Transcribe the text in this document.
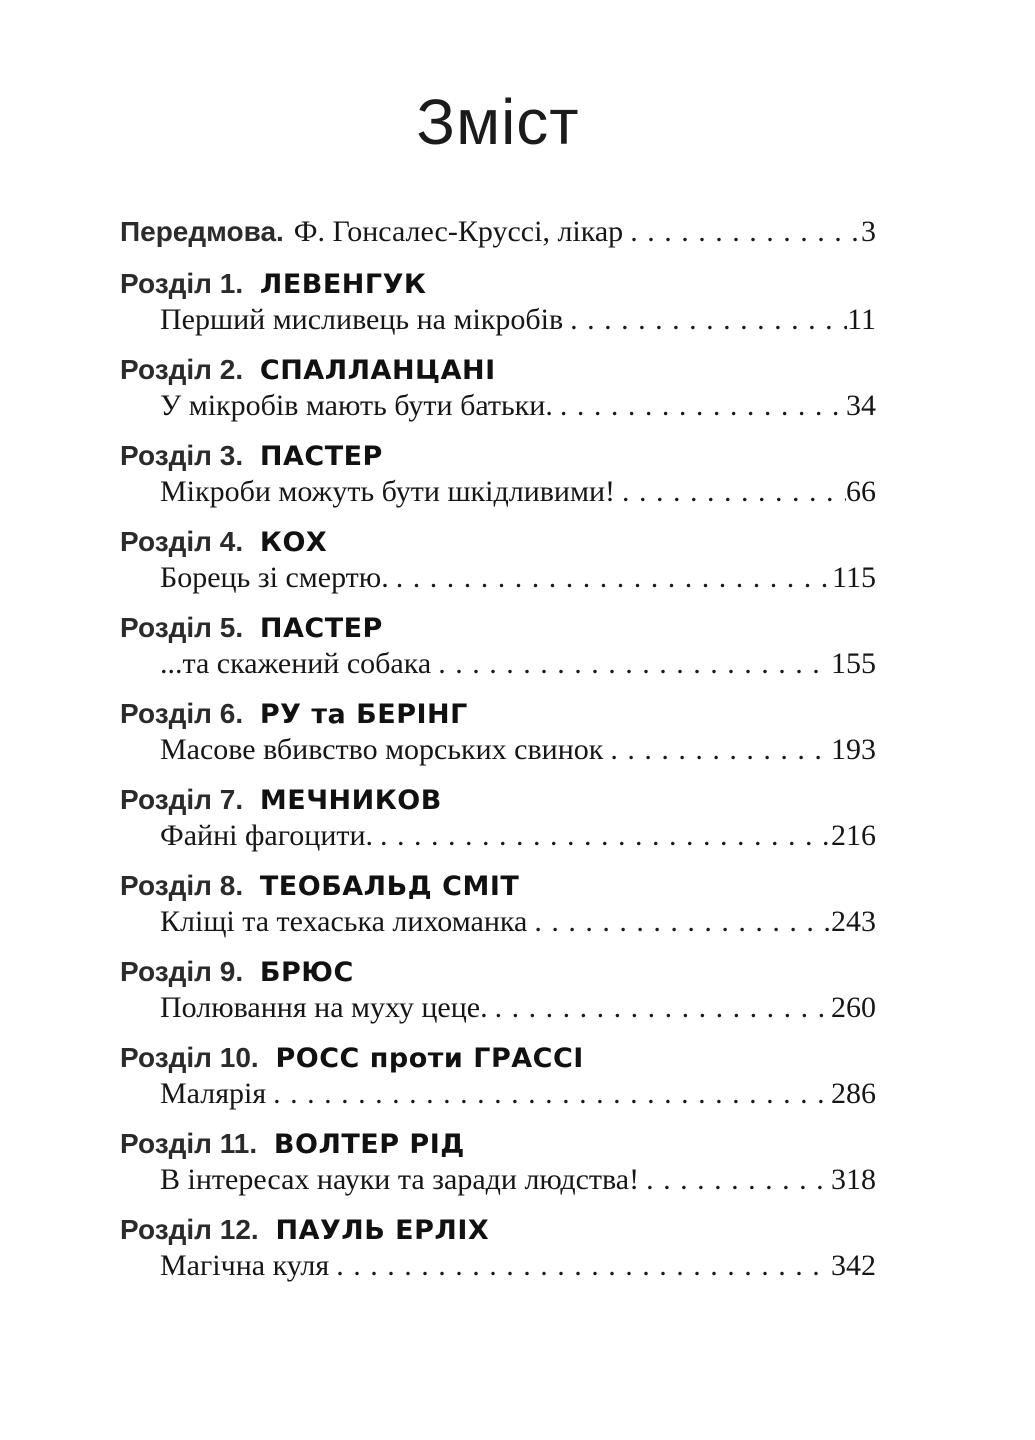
Зміст
Передмова. Ф. Гонсалес-Круссі, лікар .....	3
Розділ 1. ЛЕВЕНГУК
Перший мисливець на мікробів .....	11
Розділ 2. СПАЛЛАНЦАНІ
У мікробів мають бути батьки. .....	34
Розділ 3. ПАСТЕР
Мікроби можуть бути шкідливими! .....	66
Розділ 4. КОХ
Борець зі смертю. .....	115
Розділ 5. ПАСТЕР
...та скажений собака .....	155
Розділ 6. РУ та БЕРІНГ
Масове вбивство морських свинок .....	193
Розділ 7. МЕЧНИКОВ
Файні фагоцити. .....	216
Розділ 8. ТЕОБАЛЬД СМІТ
Кліщі та техаська лихоманка .....	243
Розділ 9. БРЮС
Полювання на муху цеце. .....	260
Розділ 10. РОСС проти ГРАССІ
Малярія .....	286
Розділ 11. ВОЛТЕР РІД
В інтересах науки та заради людства! .....	318
Розділ 12. ПАУЛЬ ЕРЛІХ
Магічна куля .....	342
